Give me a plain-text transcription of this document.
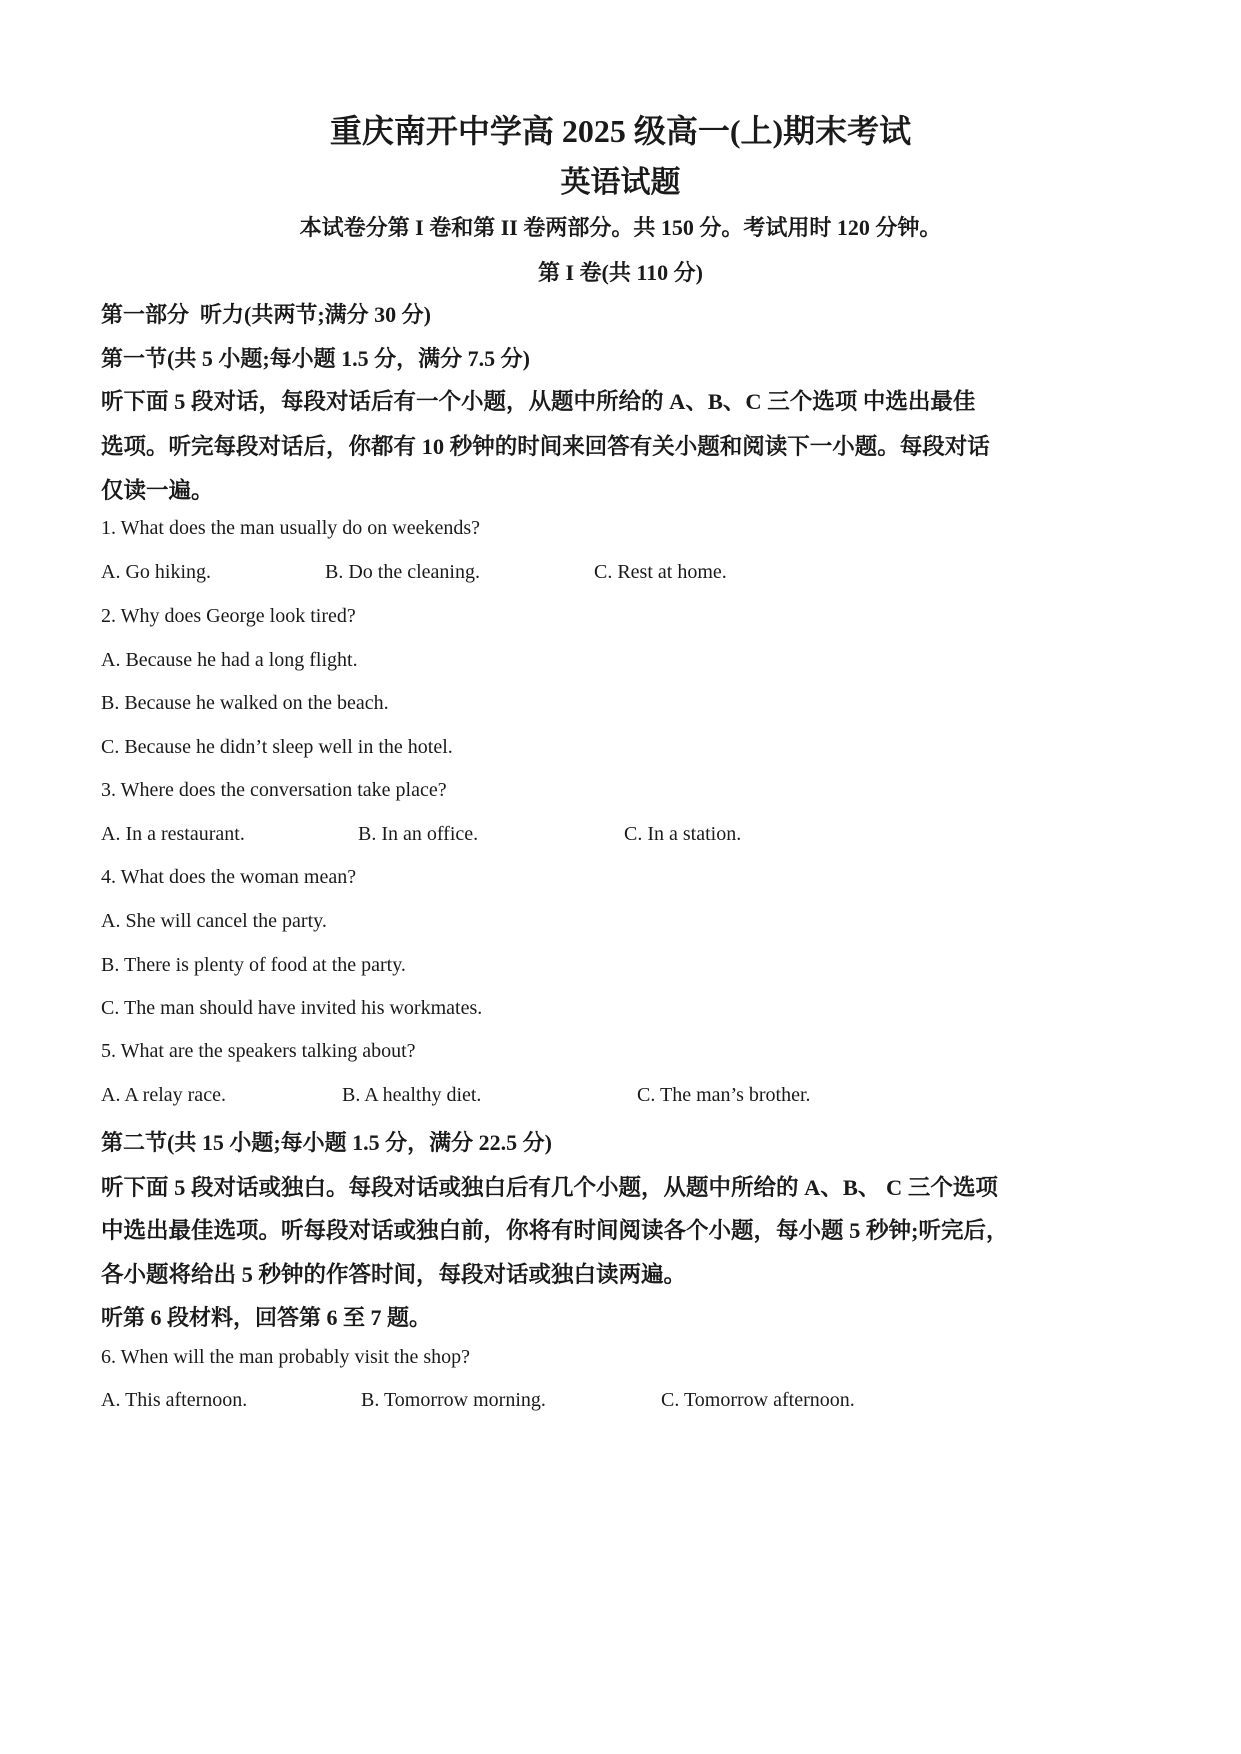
重庆南开中学高 2025 级高一(上)期末考试
英语试题
本试卷分第 I 卷和第 II 卷两部分。共 150 分。考试用时 120 分钟。
第 I 卷(共 110 分)
第一部分  听力(共两节;满分 30 分)
第一节(共 5 小题;每小题 1.5 分，满分 7.5 分)
听下面 5 段对话，每段对话后有一个小题，从题中所给的 A、B、C 三个选项 中选出最佳
选项。听完每段对话后，你都有 10 秒钟的时间来回答有关小题和阅读下一小题。每段对话
仅读一遍。
1. What does the man usually do on weekends?
A. Go hiking.	B. Do the cleaning.	C. Rest at home.
2. Why does George look tired?
A. Because he had a long flight.
B. Because he walked on the beach.
C. Because he didn’t sleep well in the hotel.
3. Where does the conversation take place?
A. In a restaurant.	B. In an office.	C. In a station.
4. What does the woman mean?
A. She will cancel the party.
B. There is plenty of food at the party.
C. The man should have invited his workmates.
5. What are the speakers talking about?
A. A relay race.	B. A healthy diet.	C. The man’s brother.
第二节(共 15 小题;每小题 1.5 分，满分 22.5 分)
听下面 5 段对话或独白。每段对话或独白后有几个小题，从题中所给的 A、B、 C 三个选项
中选出最佳选项。听每段对话或独白前，你将有时间阅读各个小题，每小题 5 秒钟;听完后，
各小题将给出 5 秒钟的作答时间，每段对话或独白读两遍。
听第 6 段材料，回答第 6 至 7 题。
6. When will the man probably visit the shop?
A. This afternoon.	B. Tomorrow morning.	C. Tomorrow afternoon.
